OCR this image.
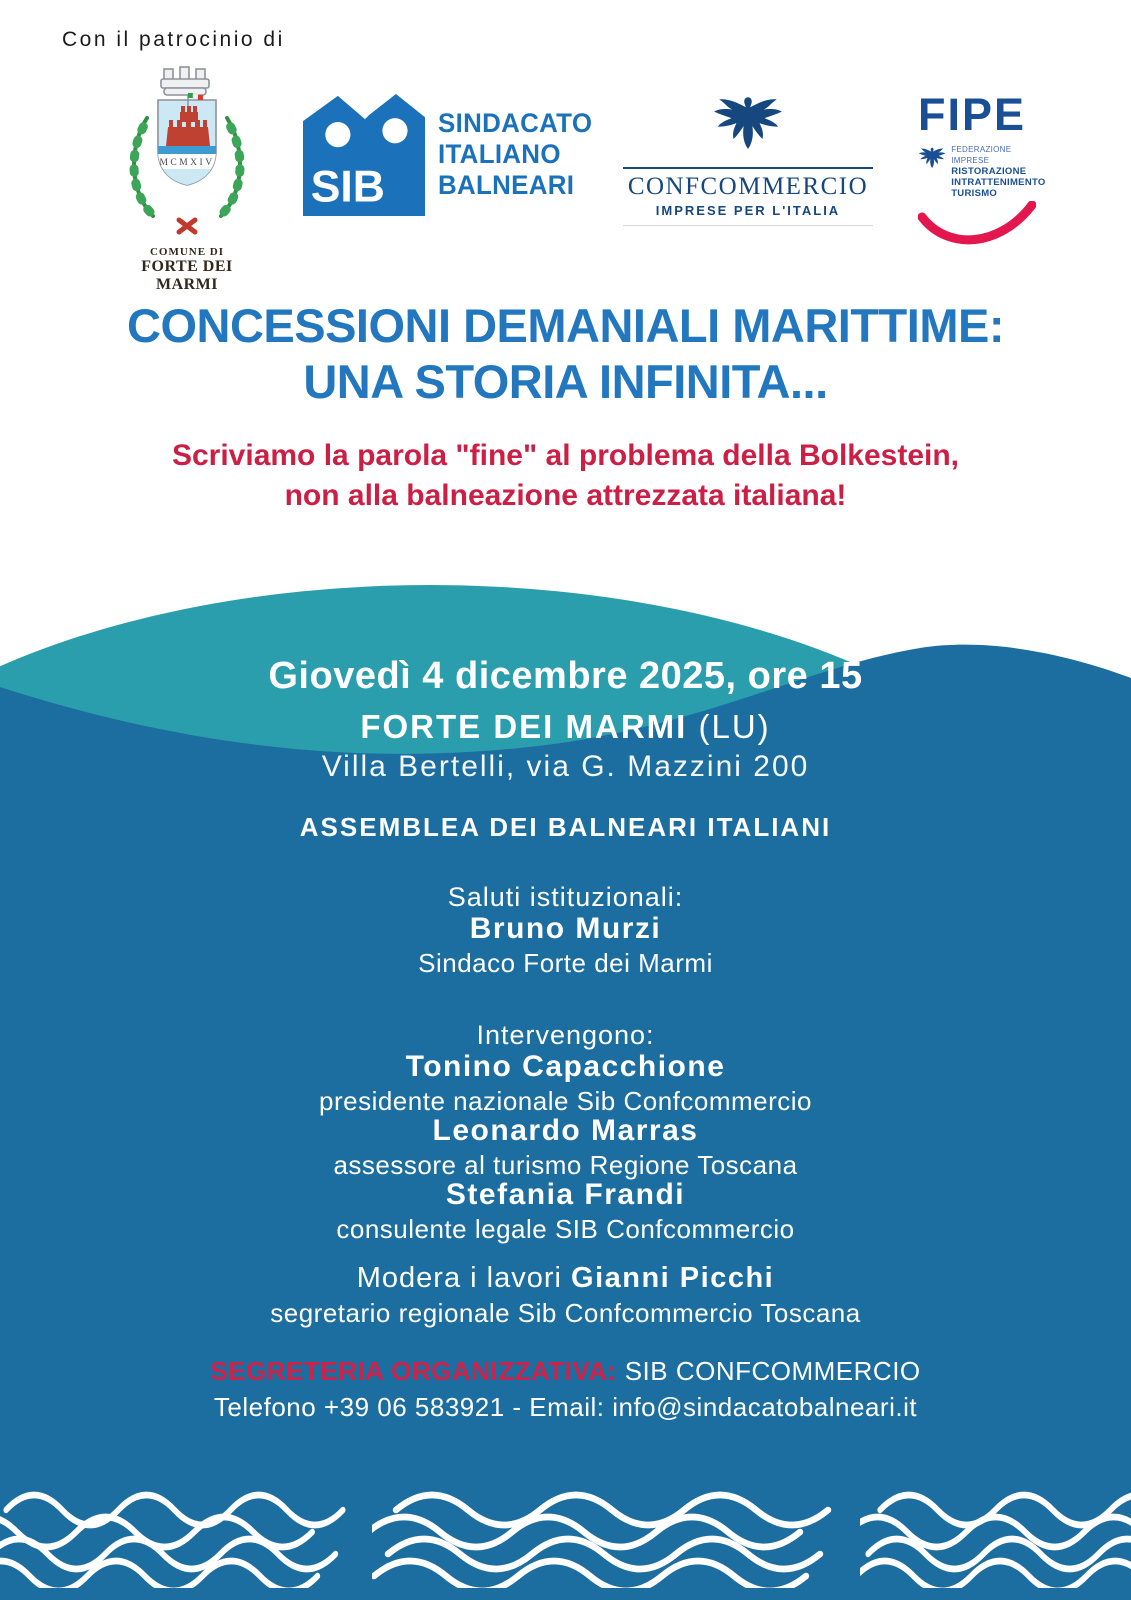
Con il patrocinio di
MCMXIV
COMUNE DI
FORTE DEI MARMI
SIB
SINDACATO
ITALIANO
BALNEARI	CONFCOMMERCIO
IMPRESE PER L'ITALIA
FIPE
FEDERAZIONE IMPRESE
RISTORAZIONE
INTRATTENIMENTO
TURISMO
CONCESSIONI DEMANIALI MARITTIME:
UNA STORIA INFINITA...
Scriviamo la parola "fine" al problema della Bolkestein,
non alla balneazione attrezzata italiana!
Giovedì 4 dicembre 2025, ore 15
FORTE DEI MARMI (LU)
Villa Bertelli, via G. Mazzini 200
ASSEMBLEA DEI BALNEARI ITALIANI
Saluti istituzionali:
Bruno Murzi
Sindaco Forte dei Marmi
Intervengono:
Tonino Capacchione
presidente nazionale Sib Confcommercio
Leonardo Marras
assessore al turismo Regione Toscana
Stefania Frandi
consulente legale SIB Confcommercio
Modera i lavori Gianni Picchi
segretario regionale Sib Confcommercio Toscana
SEGRETERIA ORGANIZZATIVA: SIB CONFCOMMERCIO
Telefono +39 06 583921 - Email: info@sindacatobalneari.it
